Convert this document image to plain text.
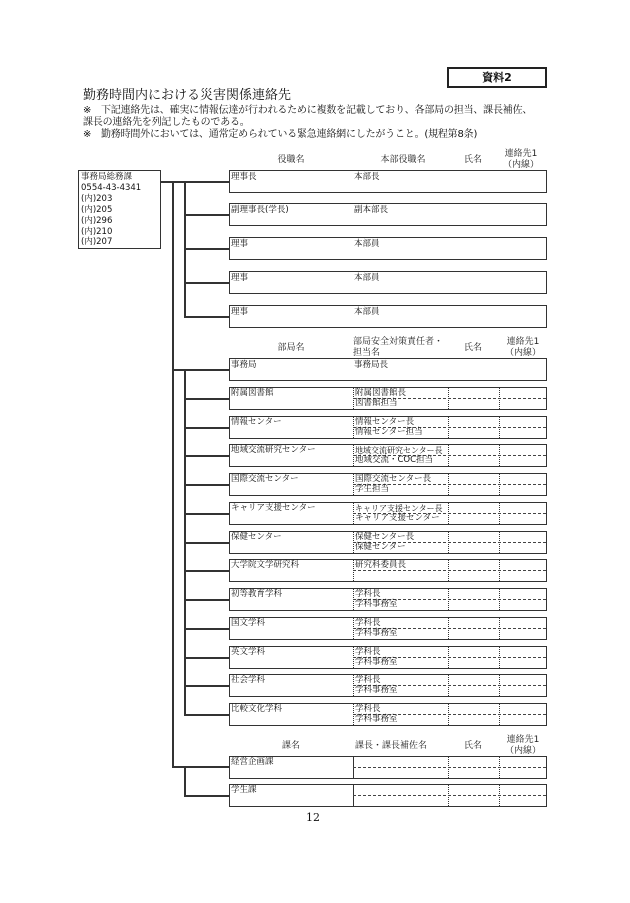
資料2
勤務時間内における災害関係連絡先
※　下記連絡先は、確実に情報伝達が行われるために複数を記載しており、各部局の担当、課長補佐、
課長の連絡先を列記したものである。
※　勤務時間外においては、通常定められている緊急連絡網にしたがうこと。(規程第8条)
役職名	本部役職名	氏名
連絡先1
（内線）
事務局総務課
0554-43-4341
(内)203
(内)205
(内)296
(内)210
(内)207
理事長	本部長
副理事長(学長)	副本部長
理事	本部員
理事	本部員
理事	本部員
部局名
部局安全対策責任者・
担当名	氏名
連絡先1
（内線）
事務局	事務局長
附属図書館	附属図書館長
図書館担当
情報センター	情報センター長
情報センター担当
地域交流研究センター	地域交流研究センター長
地域交流・COC担当
国際交流センター	国際交流センター長
学生担当
キャリア支援センター	キャリア支援センター長
キャリア支援センター
保健センター	保健センター長
保健センター
大学院文学研究科	研究科委員長
初等教育学科	学科長
学科事務室
国文学科	学科長
学科事務室
英文学科	学科長
学科事務室
社会学科	学科長
学科事務室
比較文化学科	学科長
学科事務室
課名	課長・課長補佐名	氏名
連絡先1
（内線）
経営企画課
学生課
12
